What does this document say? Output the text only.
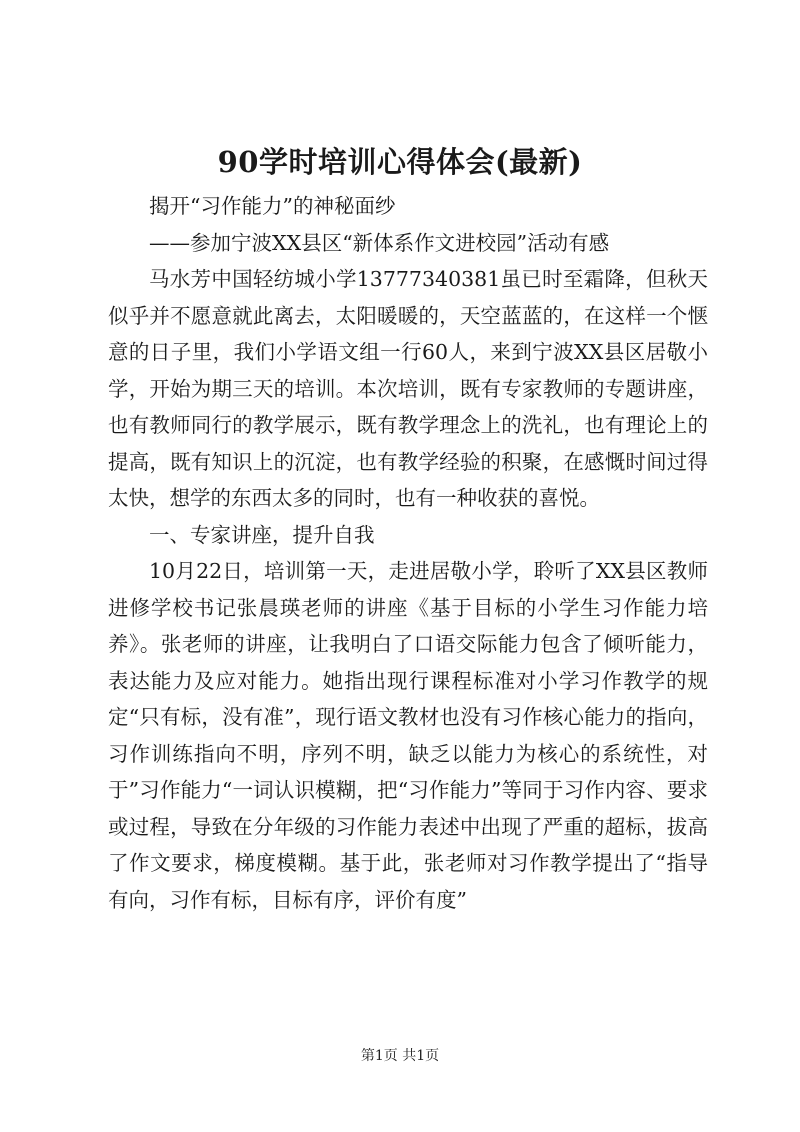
90学时培训心得体会(最新)

揭开“习作能力”的神秘面纱

——参加宁波XX县区“新体系作文进校园”活动有感

马水芳中国轻纺城小学13777340381虽已时至霜降，但秋天似乎并不愿意就此离去，太阳暖暖的，天空蓝蓝的，在这样一个惬意的日子里，我们小学语文组一行60人，来到宁波XX县区居敬小学，开始为期三天的培训。本次培训，既有专家教师的专题讲座，也有教师同行的教学展示，既有教学理念上的洗礼，也有理论上的提高，既有知识上的沉淀，也有教学经验的积聚，在感慨时间过得太快，想学的东西太多的同时，也有一种收获的喜悦。

一、专家讲座，提升自我

10月22日，培训第一天，走进居敬小学，聆听了XX县区教师进修学校书记张晨瑛老师的讲座《基于目标的小学生习作能力培养》。张老师的讲座，让我明白了口语交际能力包含了倾听能力，表达能力及应对能力。她指出现行课程标准对小学习作教学的规定“只有标，没有准”，现行语文教材也没有习作核心能力的指向，习作训练指向不明，序列不明，缺乏以能力为核心的系统性，对于”习作能力“一词认识模糊，把“习作能力”等同于习作内容、要求或过程，导致在分年级的习作能力表述中出现了严重的超标，拔高了作文要求，梯度模糊。基于此，张老师对习作教学提出了“指导有向，习作有标，目标有序，评价有度”

第1页 共1页
